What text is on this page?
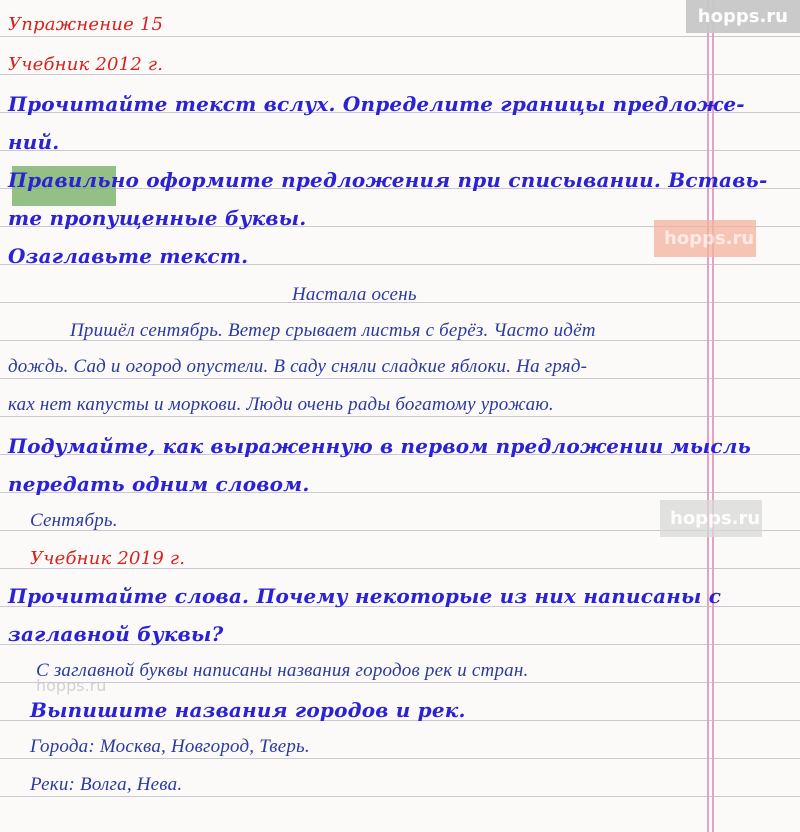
Упражнение 15
Учебник 2012 г.
Прочитайте текст вслух. Определите границы предложе-
ний.
Правильно оформите предложения при списывании. Вставь-
те пропущенные буквы.
Озаглавьте текст.
Настала осень
Пришёл сентябрь. Ветер срывает листья с берёз. Часто идёт
дождь. Сад и огород опустели. В саду сняли сладкие яблоки. На гряд-
ках нет капусты и моркови. Люди очень рады богатому урожаю.
Подумайте, как выраженную в первом предложении мысль
передать одним словом.
Сентябрь.
Учебник 2019 г.
Прочитайте слова. Почему некоторые из них написаны с
заглавной буквы?
С заглавной буквы написаны названия городов рек и стран.
Выпишите названия городов и рек.
Города: Москва, Новгород, Тверь.
Реки: Волга, Нева.
hopps.ru
hopps.ru
hopps.ru
hopps.ru
